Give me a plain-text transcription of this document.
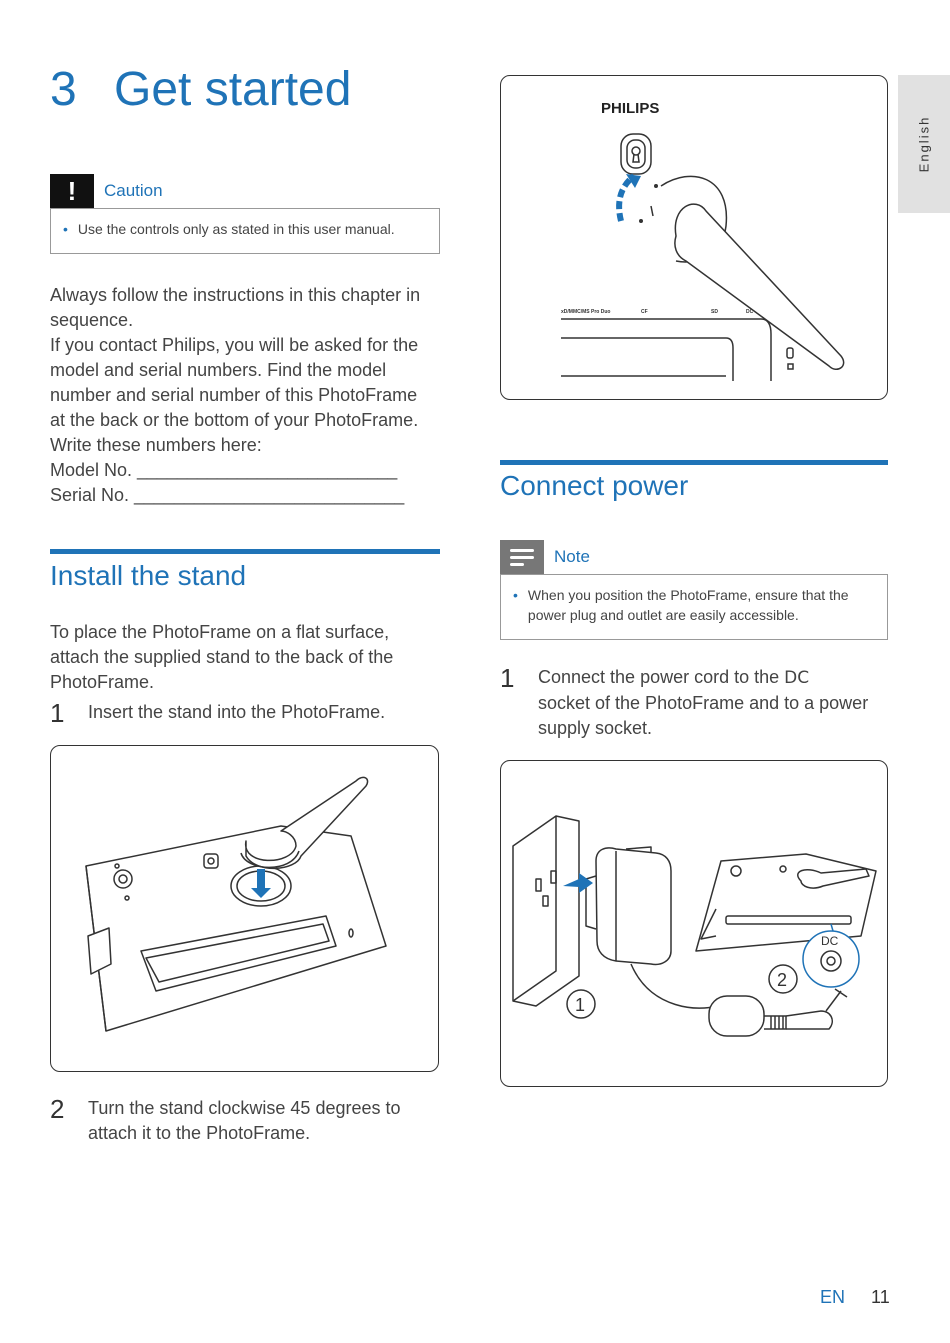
3 Get started
English
!	Caution
• Use the controls only as stated in this user manual.
Always follow the instructions in this chapter in
sequence.
If you contact Philips, you will be asked for the
model and serial numbers. Find the model
number and serial number of this PhotoFrame
at the back or the bottom of your PhotoFrame.
Write these numbers here:
Model No. __________________________
Serial No. ___________________________
Install the stand
To place the PhotoFrame on a flat surface,
attach the supplied stand to the back of the
PhotoFrame.
1	Insert the stand into the PhotoFrame.
2	Turn the stand clockwise 45 degrees to
attach it to the PhotoFrame.
PHILIPS
xD/MMC/MS Pro Duo	CF	SD	DC
Connect power
Note
• When you position the PhotoFrame, ensure that the
power plug and outlet are easily accessible.
1	Connect the power cord to the DC
socket of the PhotoFrame and to a power
supply socket.
DC
1
2
EN 11
